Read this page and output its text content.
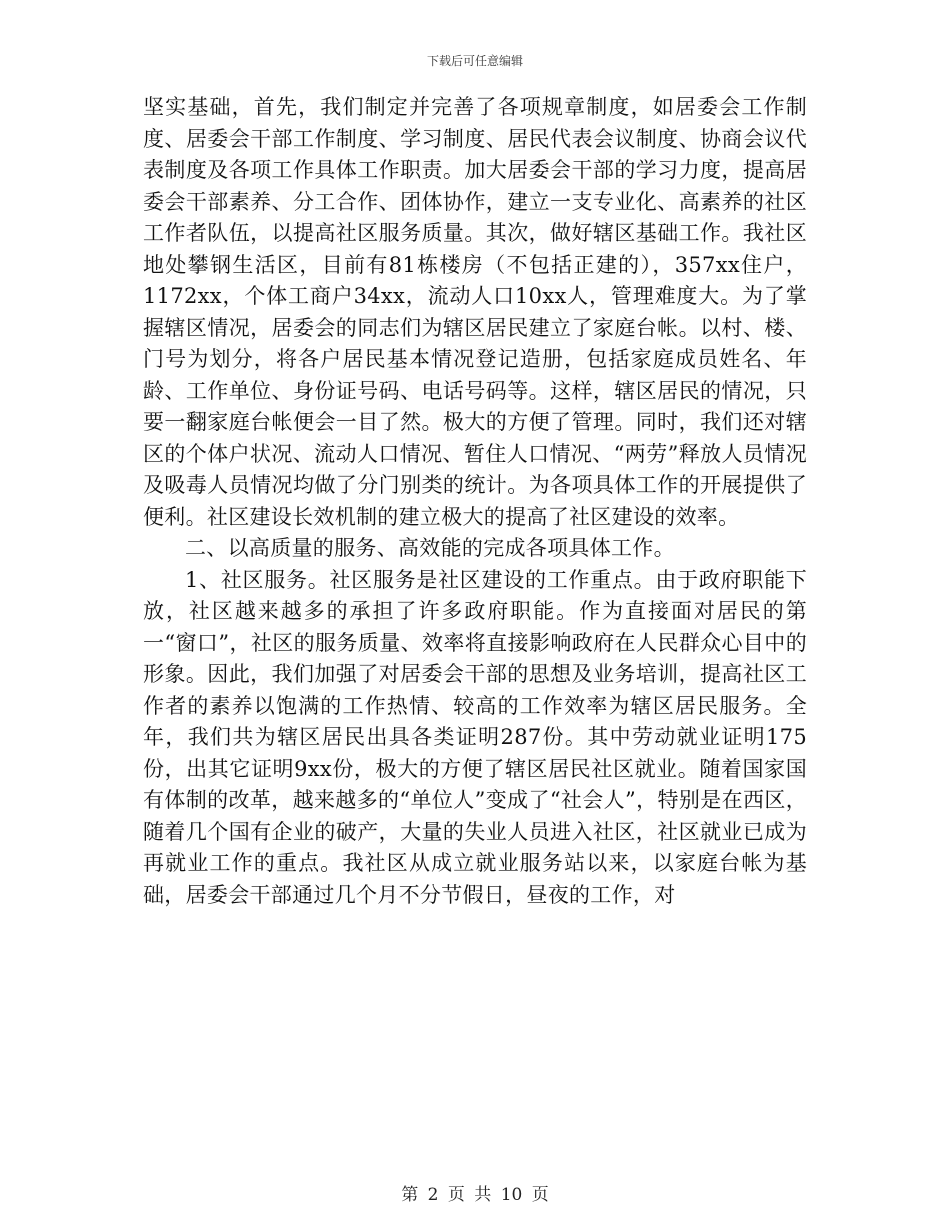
下载后可任意编辑

坚实基础，首先，我们制定并完善了各项规章制度，如居委会工作制度、居委会干部工作制度、学习制度、居民代表会议制度、协商会议代表制度及各项工作具体工作职责。加大居委会干部的学习力度，提高居委会干部素养、分工合作、团体协作，建立一支专业化、高素养的社区工作者队伍，以提高社区服务质量。其次，做好辖区基础工作。我社区地处攀钢生活区，目前有81栋楼房（不包括正建的），357xx住户，1172xx，个体工商户34xx，流动人口10xx人，管理难度大。为了掌握辖区情况，居委会的同志们为辖区居民建立了家庭台帐。以村、楼、门号为划分，将各户居民基本情况登记造册，包括家庭成员姓名、年龄、工作单位、身份证号码、电话号码等。这样，辖区居民的情况，只要一翻家庭台帐便会一目了然。极大的方便了管理。同时，我们还对辖区的个体户状况、流动人口情况、暂住人口情况、“两劳”释放人员情况及吸毒人员情况均做了分门别类的统计。为各项具体工作的开展提供了便利。社区建设长效机制的建立极大的提高了社区建设的效率。

二、以高质量的服务、高效能的完成各项具体工作。

1、社区服务。社区服务是社区建设的工作重点。由于政府职能下放，社区越来越多的承担了许多政府职能。作为直接面对居民的第一“窗口”，社区的服务质量、效率将直接影响政府在人民群众心目中的形象。因此，我们加强了对居委会干部的思想及业务培训，提高社区工作者的素养以饱满的工作热情、较高的工作效率为辖区居民服务。全年，我们共为辖区居民出具各类证明287份。其中劳动就业证明175份，出其它证明9xx份，极大的方便了辖区居民社区就业。随着国家国有体制的改革，越来越多的“单位人”变成了“社会人”，特别是在西区，随着几个国有企业的破产，大量的失业人员进入社区，社区就业已成为再就业工作的重点。我社区从成立就业服务站以来，以家庭台帐为基础，居委会干部通过几个月不分节假日，昼夜的工作，对

第 2 页 共 10 页
